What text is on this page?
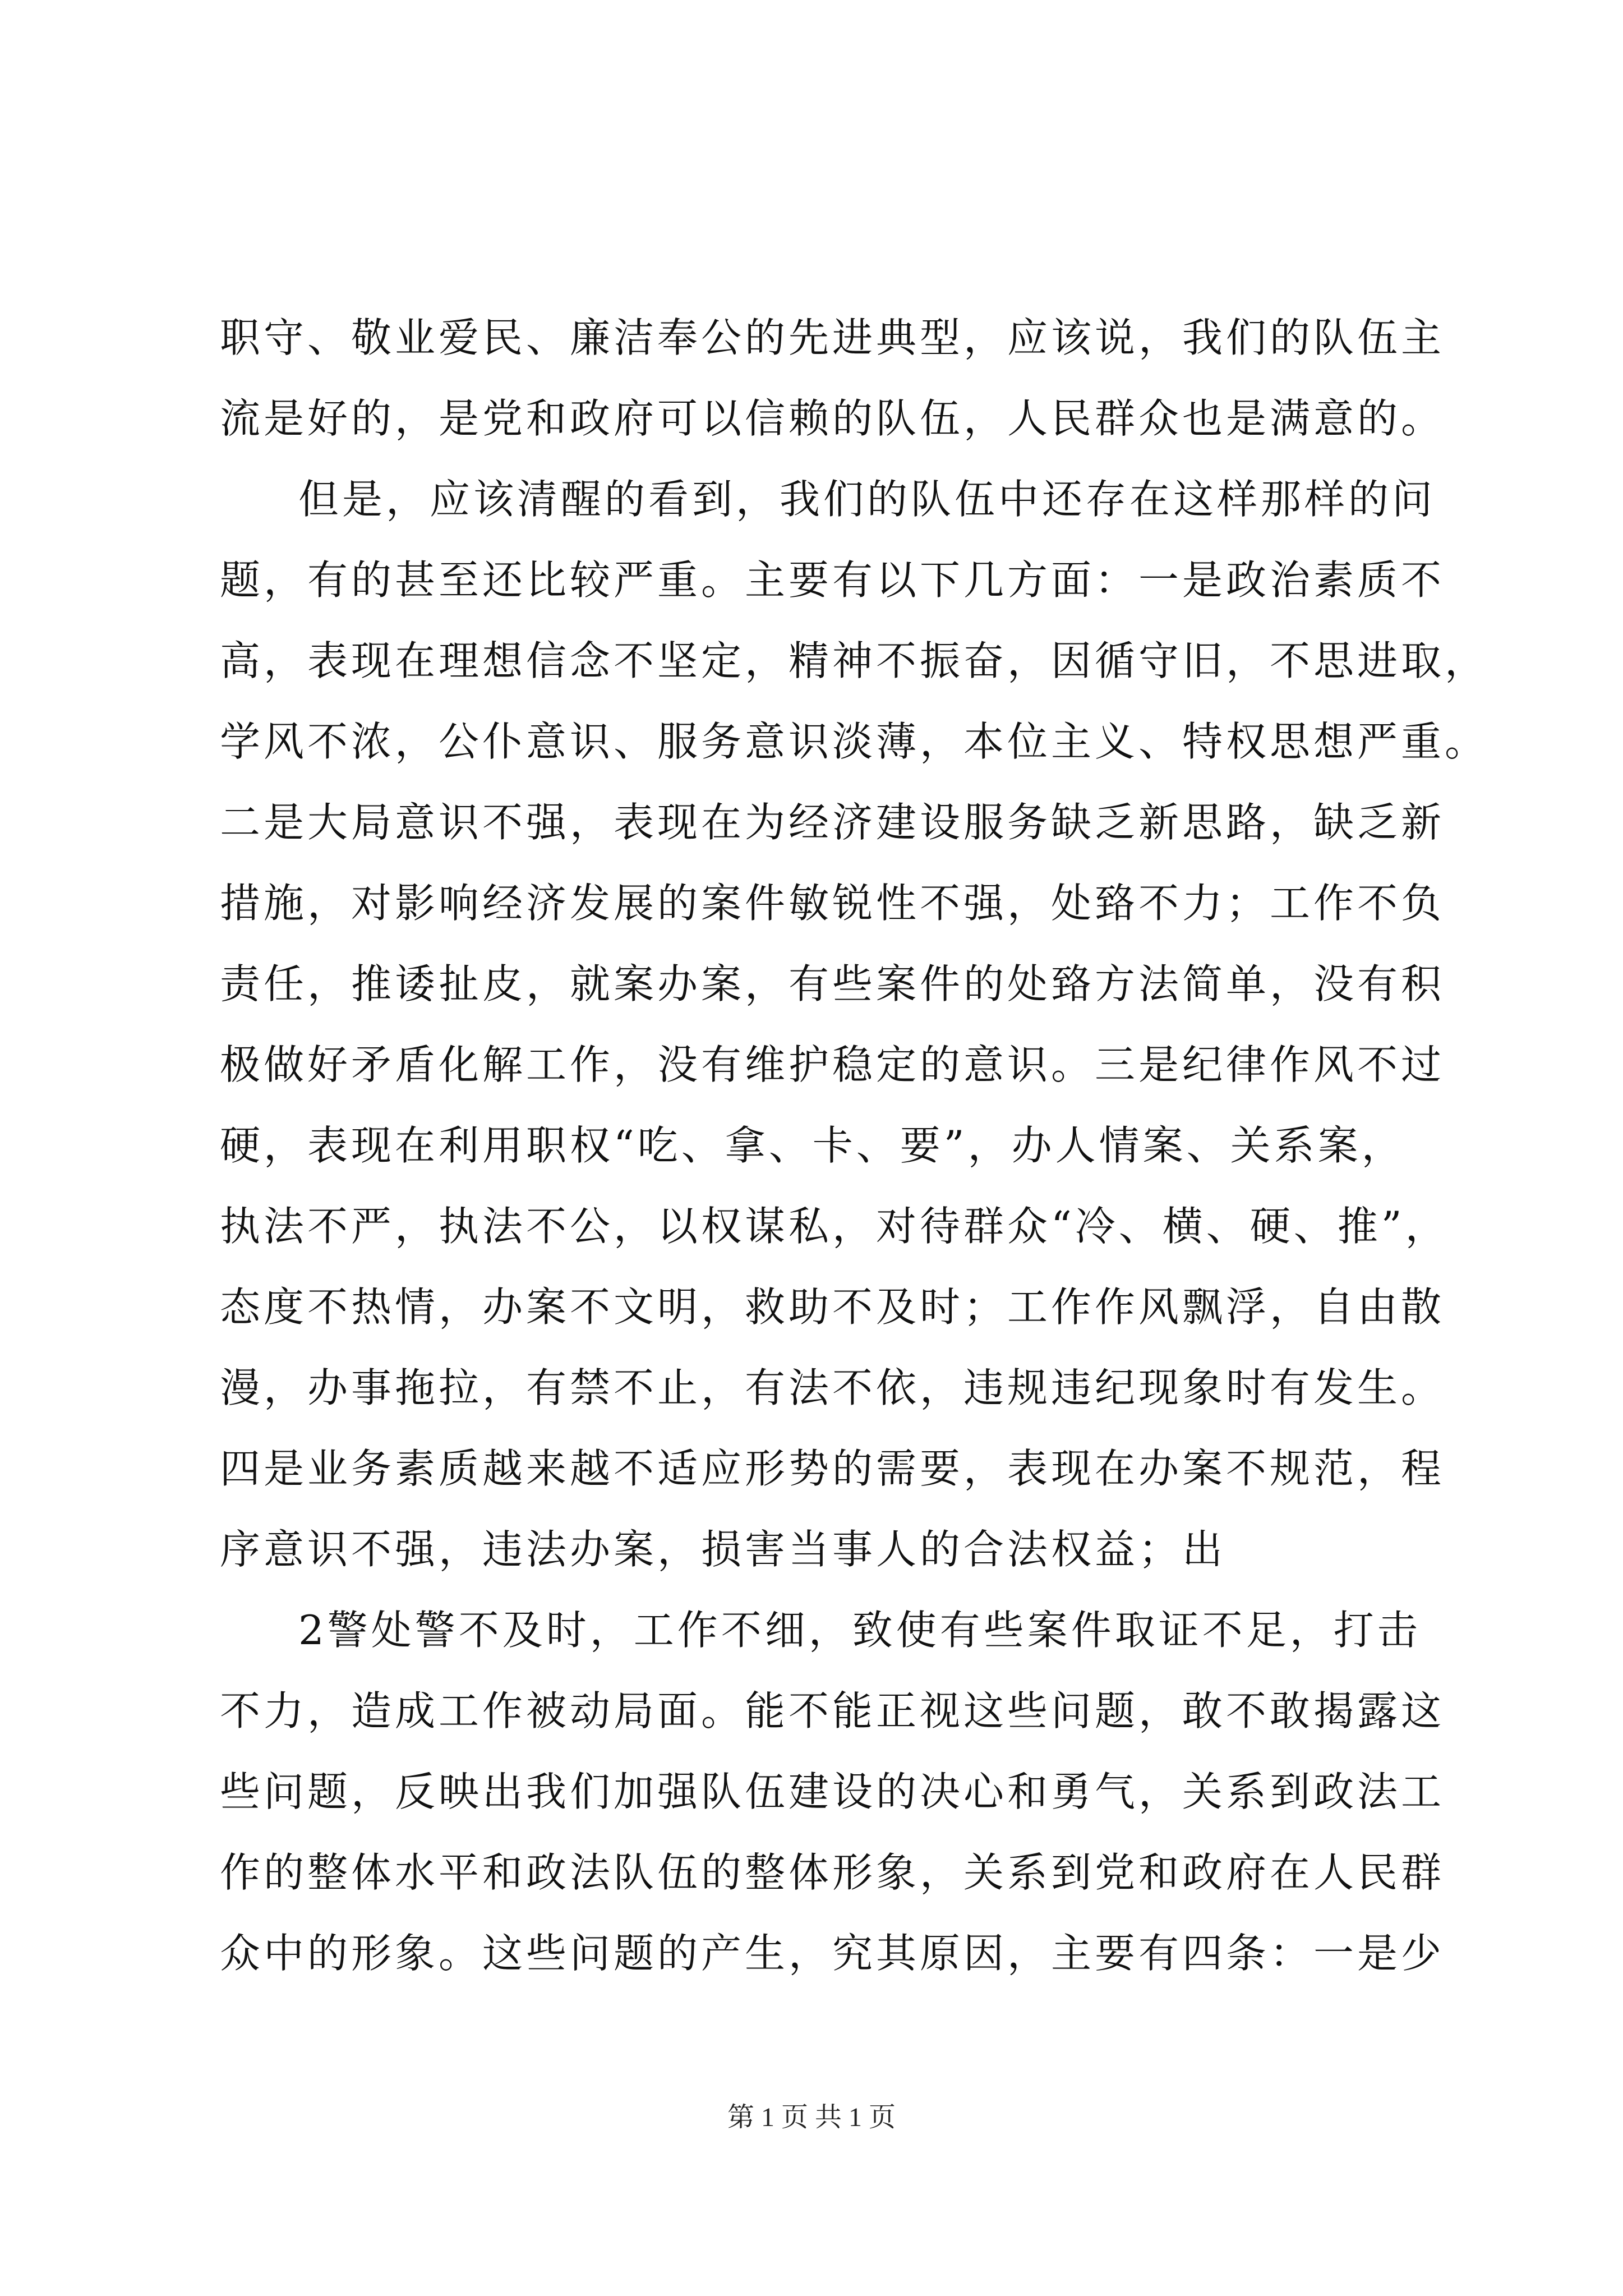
职守、敬业爱民、廉洁奉公的先进典型，应该说，我们的队伍主
流是好的，是党和政府可以信赖的队伍，人民群众也是满意的。
但是，应该清醒的看到，我们的队伍中还存在这样那样的问
题，有的甚至还比较严重。主要有以下几方面：一是政治素质不
高，表现在理想信念不坚定，精神不振奋，因循守旧，不思进取，
学风不浓，公仆意识、服务意识淡薄，本位主义、特权思想严重。
二是大局意识不强，表现在为经济建设服务缺乏新思路，缺乏新
措施，对影响经济发展的案件敏锐性不强，处臵不力；工作不负
责任，推诿扯皮，就案办案，有些案件的处臵方法简单，没有积
极做好矛盾化解工作，没有维护稳定的意识。三是纪律作风不过
硬，表现在利用职权“吃、拿、卡、要”，办人情案、关系案，
执法不严，执法不公，以权谋私，对待群众“冷、横、硬、推”，
态度不热情，办案不文明，救助不及时；工作作风飘浮，自由散
漫，办事拖拉，有禁不止，有法不依，违规违纪现象时有发生。
四是业务素质越来越不适应形势的需要，表现在办案不规范，程
序意识不强，违法办案，损害当事人的合法权益；出
2警处警不及时，工作不细，致使有些案件取证不足，打击
不力，造成工作被动局面。能不能正视这些问题，敢不敢揭露这
些问题，反映出我们加强队伍建设的决心和勇气，关系到政法工
作的整体水平和政法队伍的整体形象，关系到党和政府在人民群
众中的形象。这些问题的产生，究其原因，主要有四条：一是少
第 1 页 共 1 页
